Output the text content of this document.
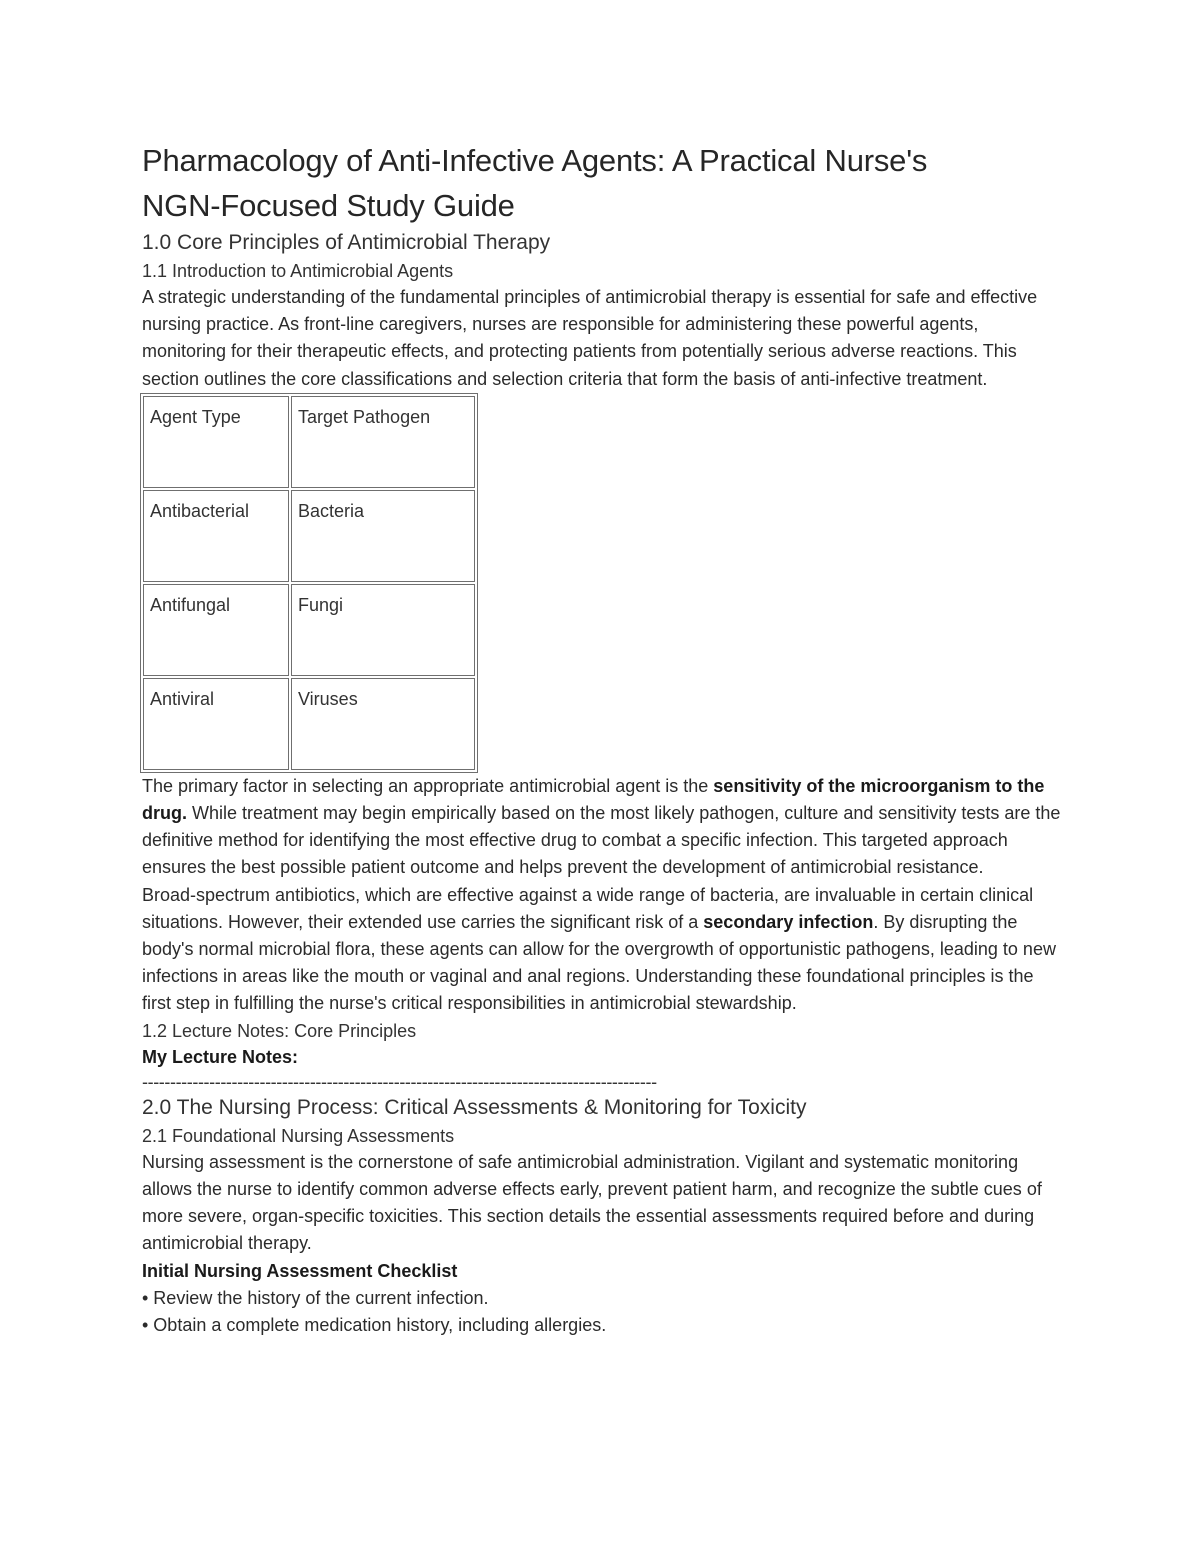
Pharmacology of Anti-Infective Agents: A Practical Nurse's
NGN-Focused Study Guide
1.0 Core Principles of Antimicrobial Therapy
1.1 Introduction to Antimicrobial Agents

A strategic understanding of the fundamental principles of antimicrobial therapy is essential for safe and effective nursing practice. As front-line caregivers, nurses are responsible for administering these powerful agents, monitoring for their therapeutic effects, and protecting patients from potentially serious adverse reactions. This section outlines the core classifications and selection criteria that form the basis of anti-infective treatment.

Agent Type	Target Pathogen
Antibacterial	Bacteria
Antifungal	Fungi
Antiviral	Viruses

The primary factor in selecting an appropriate antimicrobial agent is the sensitivity of the microorganism to the drug. While treatment may begin empirically based on the most likely pathogen, culture and sensitivity tests are the definitive method for identifying the most effective drug to combat a specific infection. This targeted approach ensures the best possible patient outcome and helps prevent the development of antimicrobial resistance.

Broad-spectrum antibiotics, which are effective against a wide range of bacteria, are invaluable in certain clinical situations. However, their extended use carries the significant risk of a secondary infection. By disrupting the body's normal microbial flora, these agents can allow for the overgrowth of opportunistic pathogens, leading to new infections in areas like the mouth or vaginal and anal regions. Understanding these foundational principles is the first step in fulfilling the nurse's critical responsibilities in antimicrobial stewardship.

1.2 Lecture Notes: Core Principles
My Lecture Notes:
--------------------------------------------------------------------------------------------
2.0 The Nursing Process: Critical Assessments & Monitoring for Toxicity
2.1 Foundational Nursing Assessments

Nursing assessment is the cornerstone of safe antimicrobial administration. Vigilant and systematic monitoring allows the nurse to identify common adverse effects early, prevent patient harm, and recognize the subtle cues of more severe, organ-specific toxicities. This section details the essential assessments required before and during antimicrobial therapy.

Initial Nursing Assessment Checklist
• Review the history of the current infection.
• Obtain a complete medication history, including allergies.
